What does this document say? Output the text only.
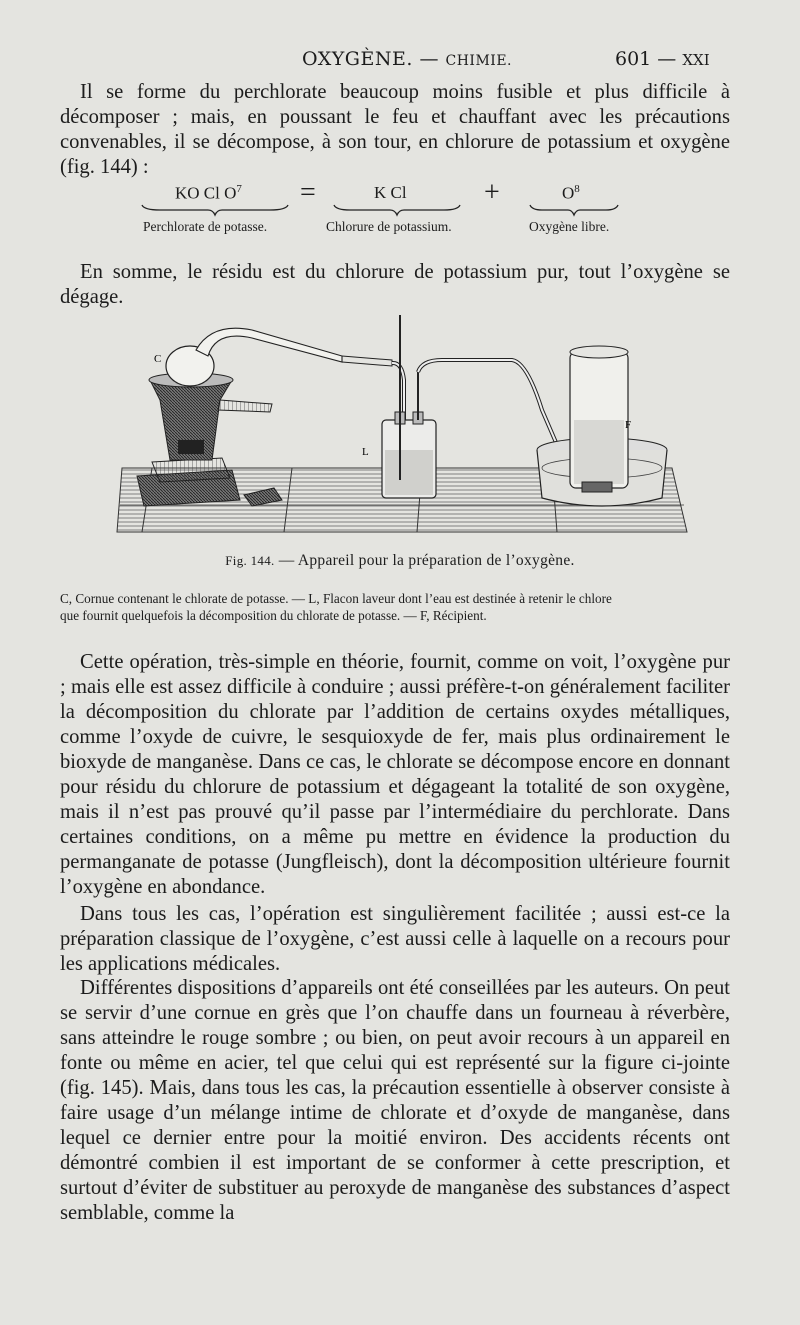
OXYGÈNE. — CHIMIE.	601 — XXI

Il se forme du perchlorate beaucoup moins fusible et plus difficile à décomposer ; mais, en poussant le feu et chauffant avec les précautions convenables, il se décompose, à son tour, en chlorure de potassium et oxygène (fig. 144) :

KO Cl $O^7$ =	K Cl	+	$O^8$
Perchlorate de potasse.	Chlorure de potassium.	Oxygène libre.

En somme, le résidu est du chlorure de potassium pur, tout l’oxygène se dégage.

C
L
F
Fig. 144. — Appareil pour la préparation de l’oxygène.
C, Cornue contenant le chlorate de potasse. — L, Flacon laveur dont l’eau est destinée à retenir le chlore
que fournit quelquefois la décomposition du chlorate de potasse. — F, Récipient.

Cette opération, très-simple en théorie, fournit, comme on voit, l’oxygène pur ; mais elle est assez difficile à conduire ; aussi préfère-t-on généralement faciliter la décomposition du chlorate par l’addition de certains oxydes métalliques, comme l’oxyde de cuivre, le sesquioxyde de fer, mais plus ordinairement le bioxyde de manganèse. Dans ce cas, le chlorate se décompose encore en donnant pour résidu du chlorure de potassium et dégageant la totalité de son oxygène, mais il n’est pas prouvé qu’il passe par l’intermédiaire du perchlorate. Dans certaines conditions, on a même pu mettre en évidence la production du permanganate de potasse (Jungfleisch), dont la décomposition ultérieure fournit l’oxygène en abondance.

Dans tous les cas, l’opération est singulièrement facilitée ; aussi est-ce la préparation classique de l’oxygène, c’est aussi celle à laquelle on a recours pour les applications médicales.

Différentes dispositions d’appareils ont été conseillées par les auteurs. On peut se servir d’une cornue en grès que l’on chauffe dans un fourneau à réverbère, sans atteindre le rouge sombre ; ou bien, on peut avoir recours à un appareil en fonte ou même en acier, tel que celui qui est représenté sur la figure ci-jointe (fig. 145). Mais, dans tous les cas, la précaution essentielle à observer consiste à faire usage d’un mélange intime de chlorate et d’oxyde de manganèse, dans lequel ce dernier entre pour la moitié environ. Des accidents récents ont démontré combien il est important de se conformer à cette prescription, et surtout d’éviter de substituer au peroxyde de manganèse des substances d’aspect semblable, comme la
